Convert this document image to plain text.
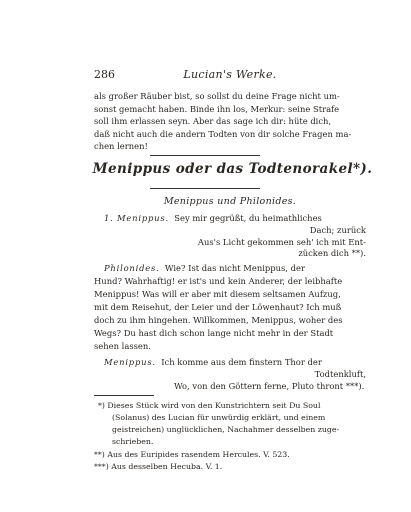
286	Lucian's Werke.
als großer Räuber bist, so sollst du deine Frage nicht um-
sonst gemacht haben. Binde ihn los, Merkur: seine Strafe
soll ihm erlassen seyn. Aber das sage ich dir: hüte dich,
daß nicht auch die andern Todten von dir solche Fragen ma-
chen lernen!
Menippus oder das Todtenorakel*).
Menippus und Philonides.
1. Menippus. Sey mir gegrüßt, du heimathliches
Dach; zurück
Aus's Licht gekommen seh' ich mit Ent-
zücken dich **).
Philonides. Wie? Ist das nicht Menippus, der
Hund? Wahrhaftig! er ist's und kein Anderer, der leibhafte
Menippus! Was will er aber mit diesem seltsamen Aufzug,
mit dem Reisehut, der Leier und der Löwenhaut? Ich muß
doch zu ihm hingehen. Willkommen, Menippus, woher des
Wegs? Du hast dich schon lange nicht mehr in der Stadt
sehen lassen.
Menippus. Ich komme aus dem finstern Thor der
Todtenkluft,
Wo, von den Göttern ferne, Pluto thront ***).
*) Dieses Stück wird von den Kunstrichtern seit Du Soul
(Solanus) des Lucian für unwürdig erklärt, und einem
geistreichen) unglücklichen, Nachahmer desselben zuge-
schrieben.
**) Aus des Euripides rasendem Hercules. V. 523.
***) Aus desselben Hecuba. V. 1.
